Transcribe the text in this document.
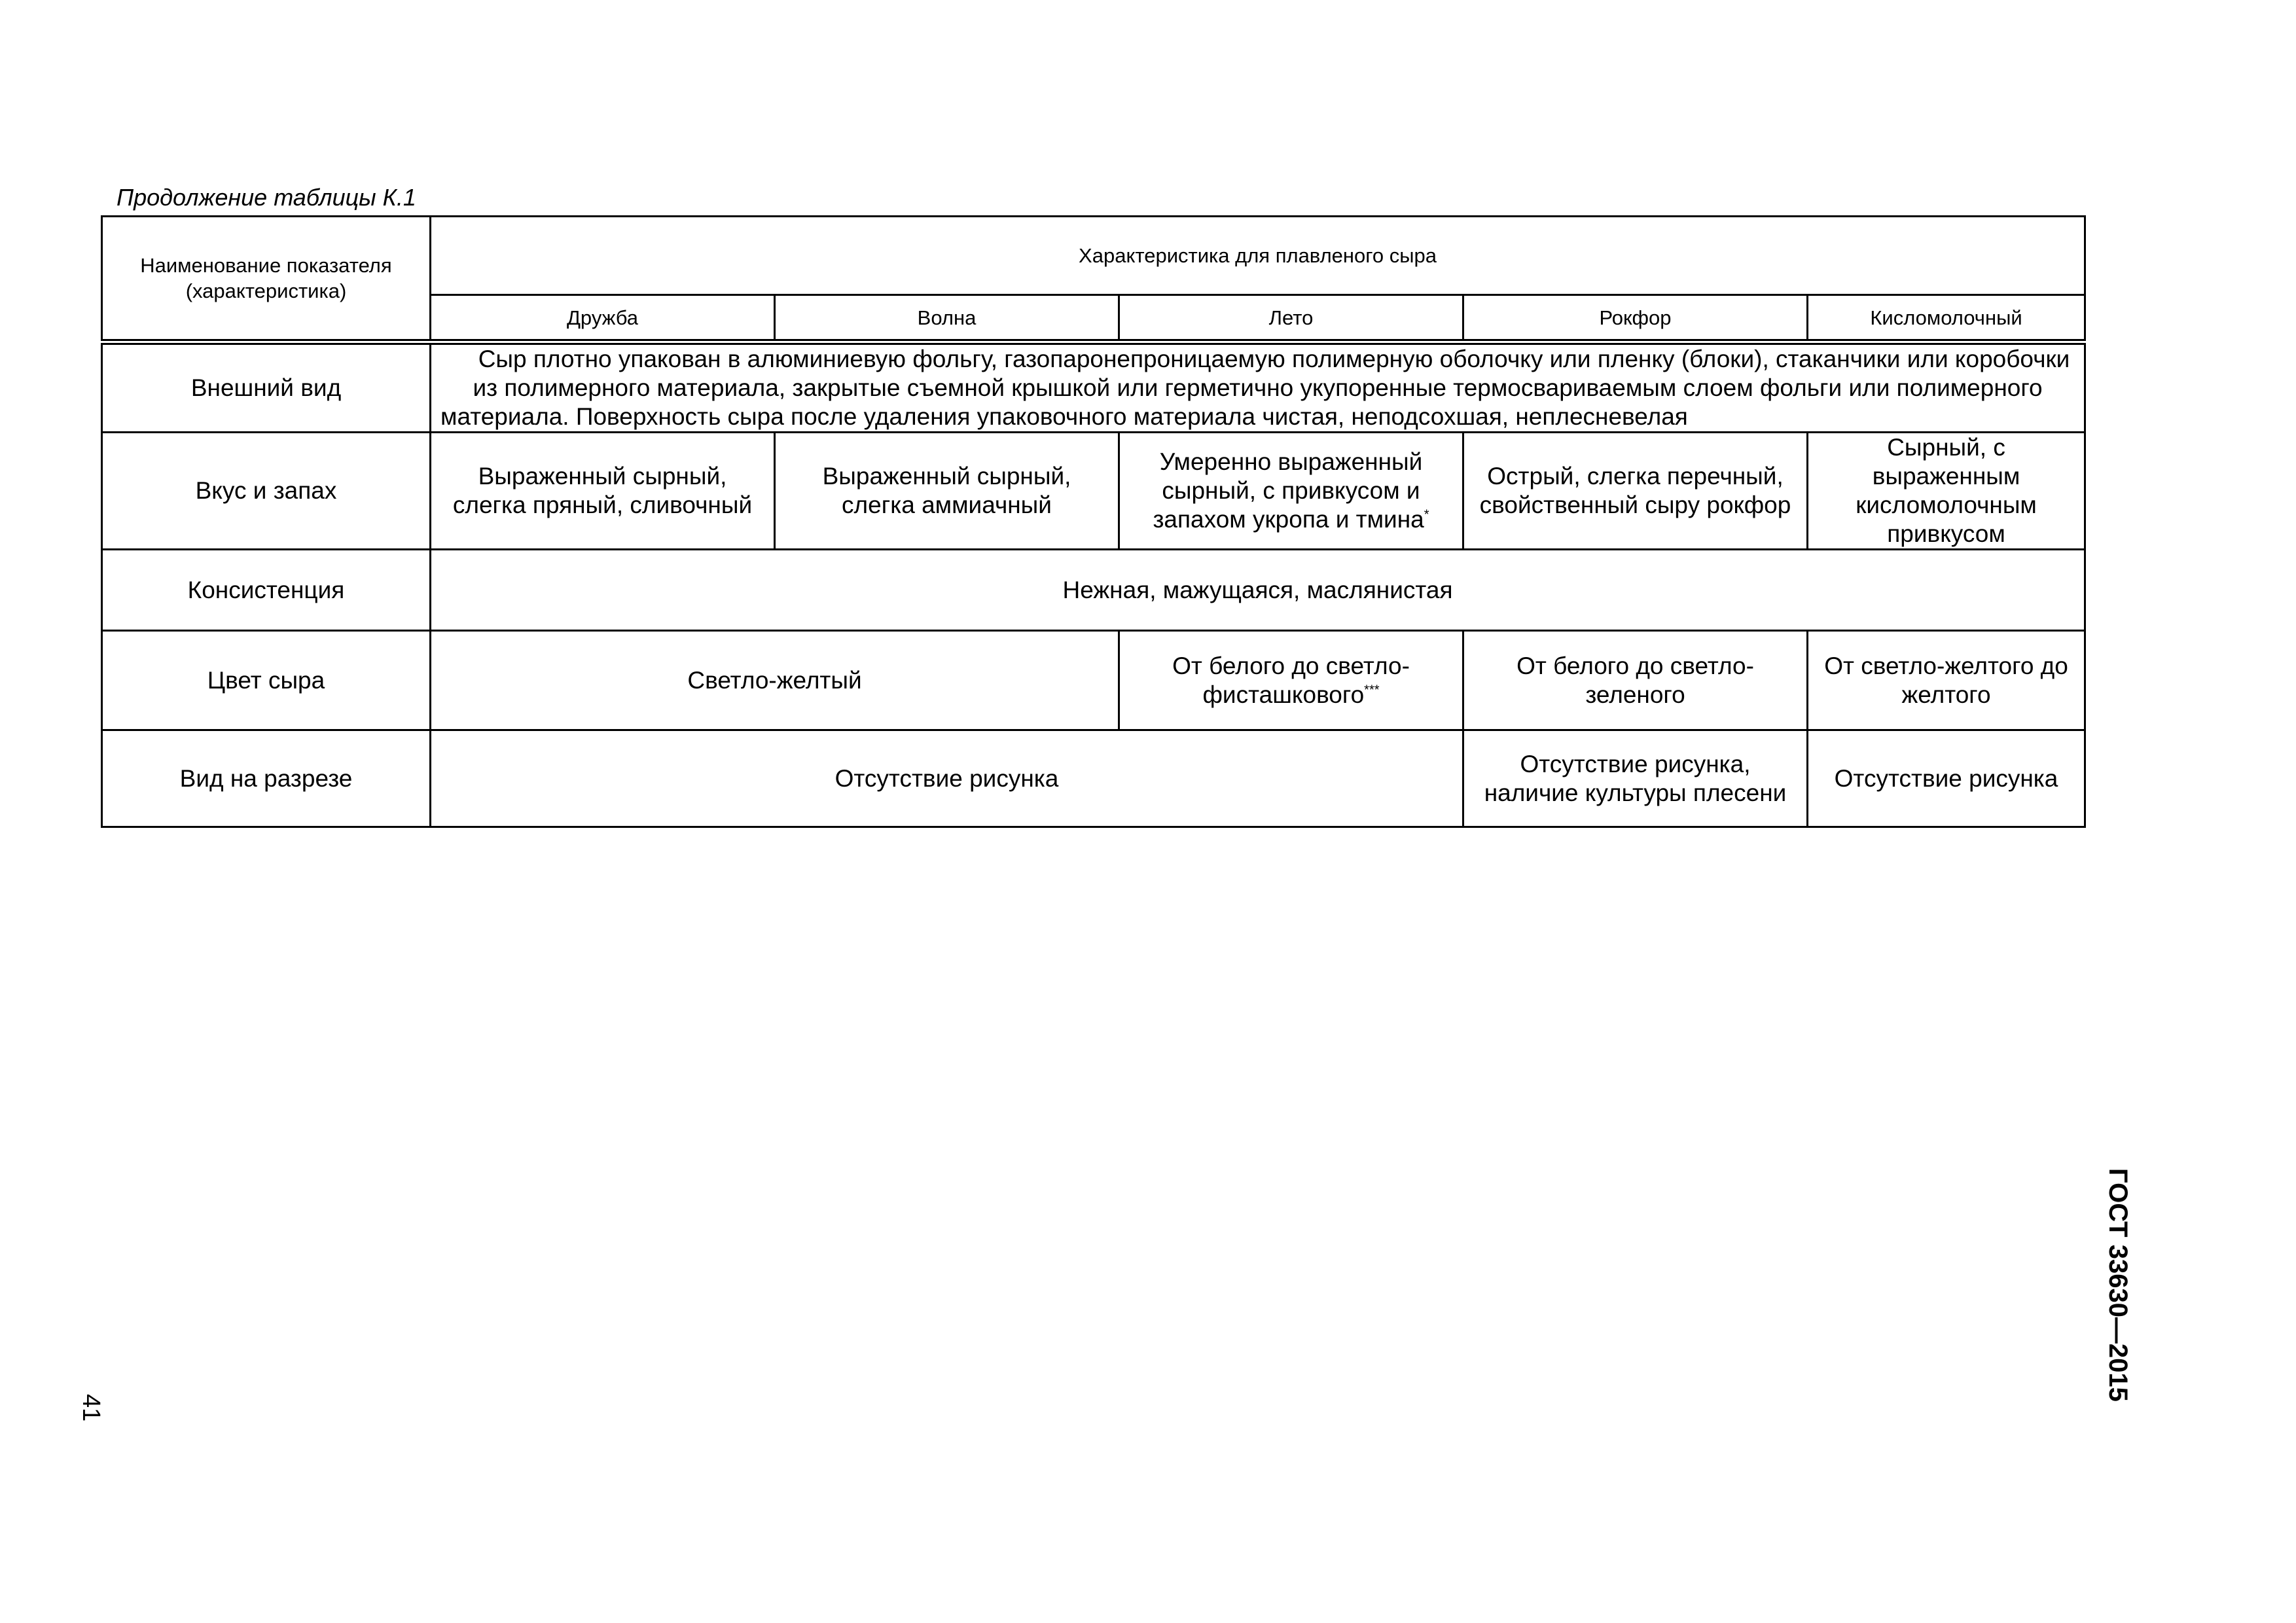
Продолжение таблицы К.1
Наименование показателя (характеристика)	Характеристика для плавленого сыра				
	Дружба	Волна	Лето	Рокфор	Кисломолочный
Внешний вид	Сыр плотно упакован в алюминиевую фольгу, газопаронепроницаемую полимерную оболочку или пленку (блоки), стаканчики или коробочки из полимерного материала, закрытые съемной крышкой или герметично укупоренные термосвариваемым слоем фольги или полимерного материала. Поверхность сыра после удаления упаковочного материала чистая, неподсохшая, неплесневелая				
Вкус и запах	Выраженный сырный, слегка пряный, сливочный	Выраженный сырный, слегка аммиачный	Умеренно выраженный сырный, с привкусом и запахом укропа и тмина*	Острый, слегка перечный, свойственный сыру рокфор	Сырный, с выраженным кисломолочным привкусом
Консистенция	Нежная, мажущаяся, маслянистая				
Цвет сыра	Светло-желтый		От белого до светло-фисташкового***	От белого до светло-зеленого	От светло-желтого до желтого
Вид на разрезе	Отсутствие рисунка			Отсутствие рисунка, наличие культуры плесени	Отсутствие рисунка
41
ГОСТ 33630—2015
